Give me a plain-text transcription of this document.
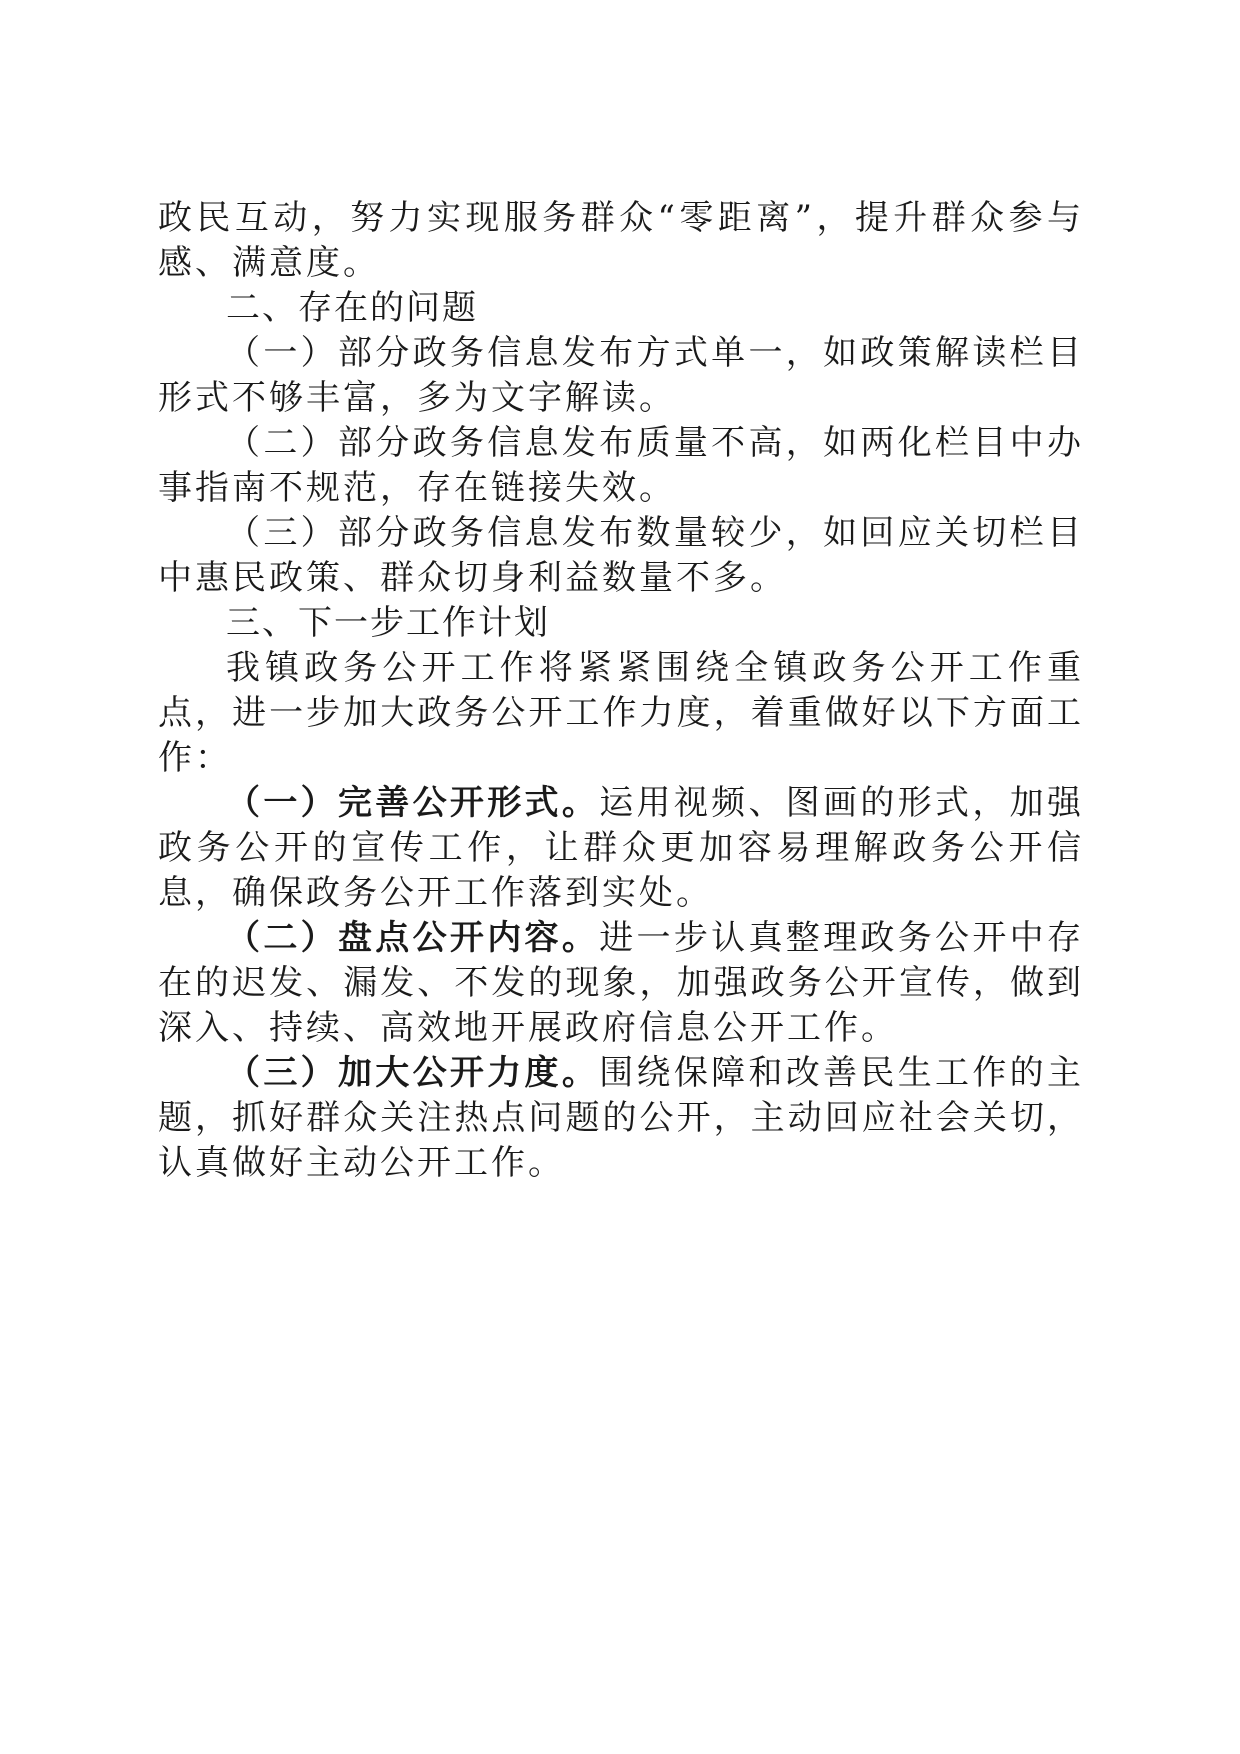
政民互动，努力实现服务群众“零距离”，提升群众参与感、满意度。

二、存在的问题

（一）部分政务信息发布方式单一，如政策解读栏目形式不够丰富，多为文字解读。

（二）部分政务信息发布质量不高，如两化栏目中办事指南不规范，存在链接失效。

（三）部分政务信息发布数量较少，如回应关切栏目中惠民政策、群众切身利益数量不多。

三、下一步工作计划

我镇政务公开工作将紧紧围绕全镇政务公开工作重点，进一步加大政务公开工作力度，着重做好以下方面工作：

（一）完善公开形式。运用视频、图画的形式，加强政务公开的宣传工作，让群众更加容易理解政务公开信息，确保政务公开工作落到实处。

（二）盘点公开内容。进一步认真整理政务公开中存在的迟发、漏发、不发的现象，加强政务公开宣传，做到深入、持续、高效地开展政府信息公开工作。

（三）加大公开力度。围绕保障和改善民生工作的主题，抓好群众关注热点问题的公开，主动回应社会关切，认真做好主动公开工作。
